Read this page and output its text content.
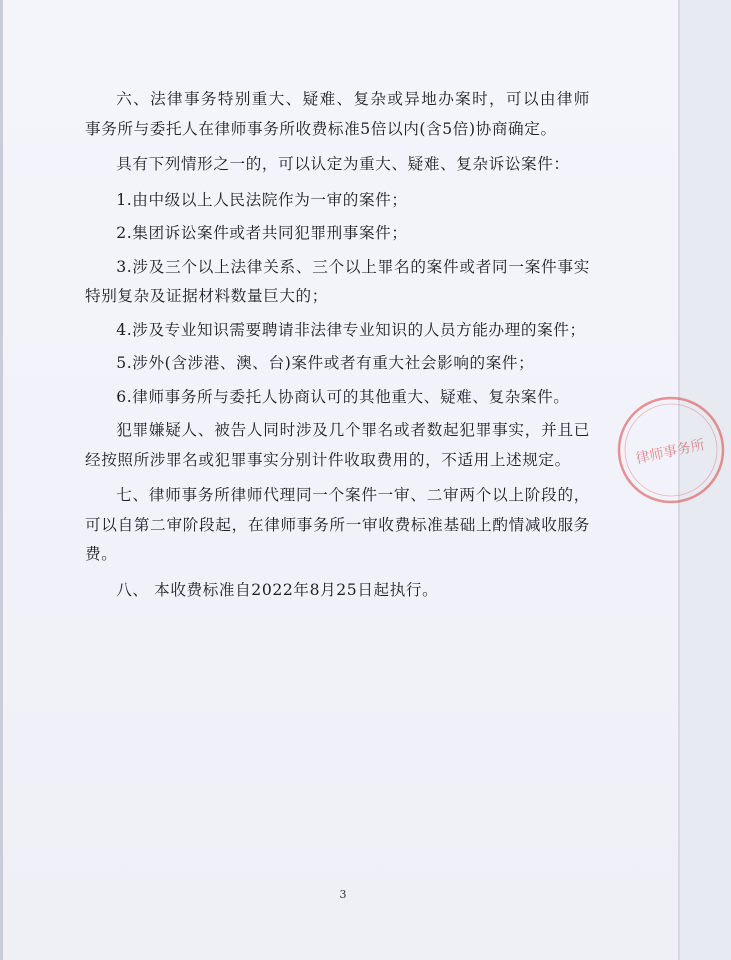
六、法律事务特别重大、疑难、复杂或异地办案时，可以由律师 事务所与委托人在律师事务所收费标准5倍以内(含5倍)协商确定。

具有下列情形之一的，可以认定为重大、疑难、复杂诉讼案件：

1.由中级以上人民法院作为一审的案件；

2.集团诉讼案件或者共同犯罪刑事案件；

3.涉及三个以上法律关系、三个以上罪名的案件或者同一案件事实特别复杂及证据材料数量巨大的；

4.涉及专业知识需要聘请非法律专业知识的人员方能办理的案件；

5.涉外(含涉港、澳、台)案件或者有重大社会影响的案件；

6.律师事务所与委托人协商认可的其他重大、疑难、复杂案件。

犯罪嫌疑人、被告人同时涉及几个罪名或者数起犯罪事实，并且已经按照所涉罪名或犯罪事实分别计件收取费用的，不适用上述规定。

七、律师事务所律师代理同一个案件一审、二审两个以上阶段的，可以自第二审阶段起，在律师事务所一审收费标准基础上酌情减收服务费。

八、 本收费标准自2022年8月25日起执行。

律师事务所
3
